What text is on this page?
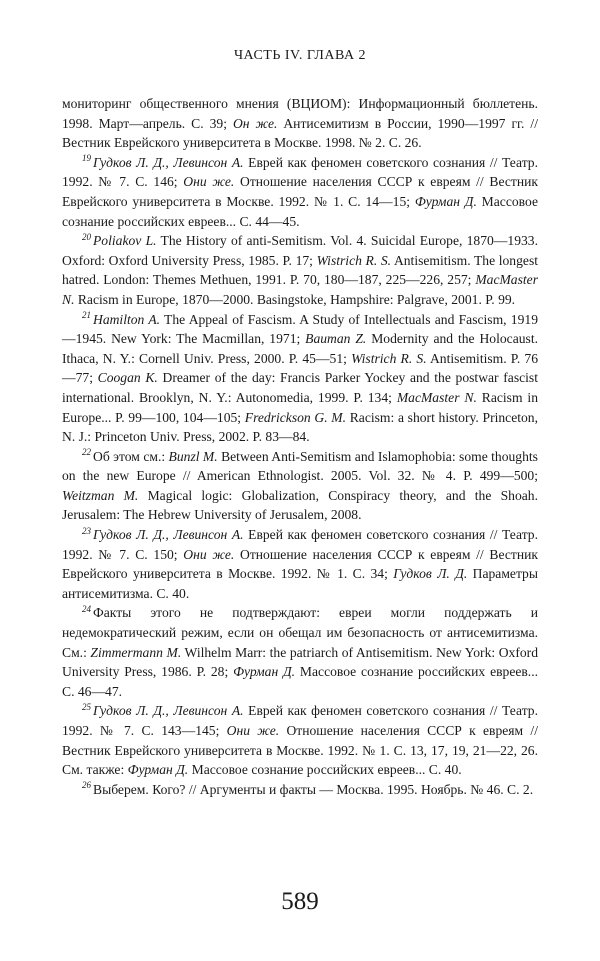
ЧАСТЬ IV. ГЛАВА 2

мониторинг общественного мнения (ВЦИОМ): Информационный бюллетень. 1998. Март—апрель. С. 39; Он же. Антисемитизм в России, 1990—1997 гг. // Вестник Еврейского университета в Москве. 1998. № 2. С. 26.

$^{19}$ Гудков Л. Д., Левинсон А. Еврей как феномен советского сознания // Театр. 1992. № 7. С. 146; Они же. Отношение населения СССР к евреям // Вестник Еврейского университета в Москве. 1992. № 1. С. 14—15; Фурман Д. Массовое сознание российских евреев... С. 44—45.

$^{20}$ Poliakov L. The History of anti-Semitism. Vol. 4. Suicidal Europe, 1870—1933. Oxford: Oxford University Press, 1985. P. 17; Wistrich R. S. Antisemitism. The longest hatred. London: Themes Methuen, 1991. P. 70, 180—187, 225—226, 257; MacMaster N. Racism in Europe, 1870—2000. Basingstoke, Hampshire: Palgrave, 2001. P. 99.

$^{21}$ Hamilton A. The Appeal of Fascism. A Study of Intellectuals and Fascism, 1919—1945. New York: The Macmillan, 1971; Bauman Z. Modernity and the Holocaust. Ithaca, N. Y.: Cornell Univ. Press, 2000. P. 45—51; Wistrich R. S. Antisemitism. P. 76—77; Coogan K. Dreamer of the day: Francis Parker Yockey and the postwar fascist international. Brooklyn, N. Y.: Autonomedia, 1999. P. 134; MacMaster N. Racism in Europe... P. 99—100, 104—105; Fredrickson G. M. Racism: a short history. Princeton, N. J.: Princeton Univ. Press, 2002. P. 83—84.

$^{22}$ Об этом см.: Bunzl M. Between Anti-Semitism and Islamophobia: some thoughts on the new Europe // American Ethnologist. 2005. Vol. 32. № 4. P. 499—500; Weitzman M. Magical logic: Globalization, Conspiracy theory, and the Shoah. Jerusalem: The Hebrew University of Jerusalem, 2008.

$^{23}$ Гудков Л. Д., Левинсон А. Еврей как феномен советского сознания // Театр. 1992. № 7. С. 150; Они же. Отношение населения СССР к евреям // Вестник Еврейского университета в Москве. 1992. № 1. С. 34; Гудков Л. Д. Параметры антисемитизма. С. 40.

$^{24}$ Факты этого не подтверждают: евреи могли поддержать и недемократический режим, если он обещал им безопасность от антисемитизма. См.: Zimmermann M. Wilhelm Marr: the patriarch of Antisemitism. New York: Oxford University Press, 1986. P. 28; Фурман Д. Массовое сознание российских евреев... С. 46—47.

$^{25}$ Гудков Л. Д., Левинсон А. Еврей как феномен советского сознания // Театр. 1992. № 7. С. 143—145; Они же. Отношение населения СССР к евреям // Вестник Еврейского университета в Москве. 1992. № 1. С. 13, 17, 19, 21—22, 26. См. также: Фурман Д. Массовое сознание российских евреев... С. 40.

$^{26}$ Выберем. Кого? // Аргументы и факты — Москва. 1995. Ноябрь. № 46. С. 2.

589
